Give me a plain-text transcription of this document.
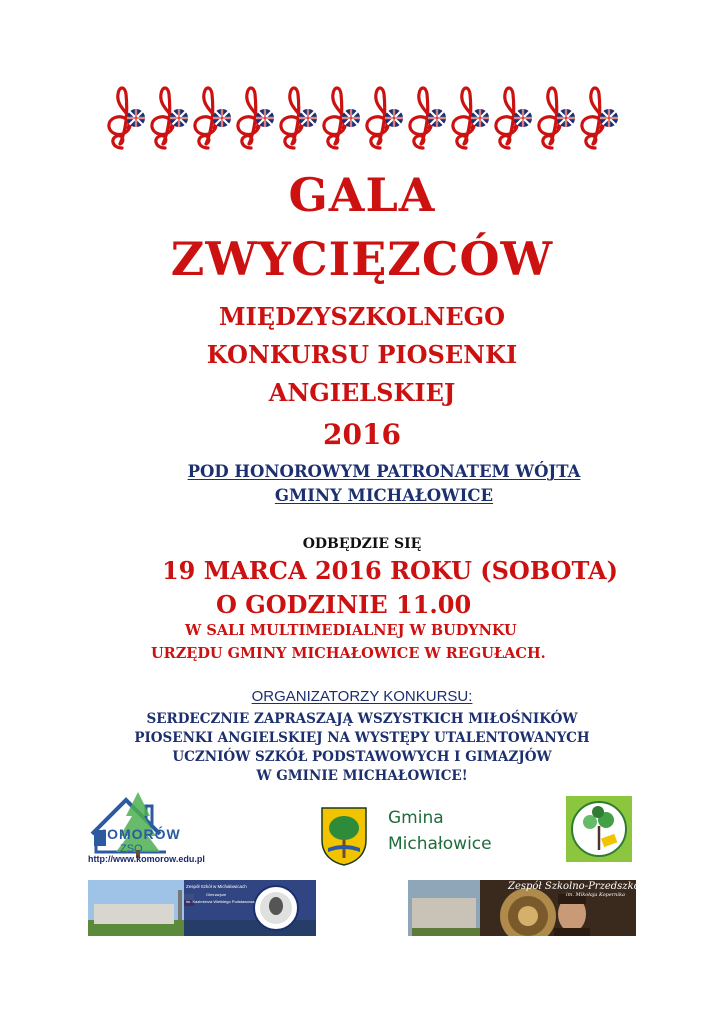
GALA
ZWYCIĘZCÓW
MIĘDZYSZKOLNEGO
KONKURSU PIOSENKI
ANGIELSKIEJ
2016
POD HONOROWYM PATRONATEM WÓJTA
GMINY MICHAŁOWICE
ODBĘDZIE SIĘ
19 MARCA 2016 ROKU (SOBOTA)
O GODZINIE 11.00
W SALI MULTIMEDIALNEJ W BUDYNKU
URZĘDU GMINY MICHAŁOWICE W REGUŁACH.
ORGANIZATORZY KONKURSU:
SERDECZNIE ZAPRASZAJĄ WSZYSTKICH MIŁOŚNIKÓW
PIOSENKI ANGIELSKIEJ NA WYSTĘPY UTALENTOWANYCH
UCZNIÓW SZKÓŁ PODSTAWOWYCH I GIMAZJÓW
W GMINIE MICHAŁOWICE!
KOMORÓW
ZSO
http://www.komorow.edu.pl
Gmina
Michałowice
Zespół Szkół w Michałowicach
Gimnazjum
im. Kazimierza Wielkiego Podstawowa
Zespół Szkolno-Przedszkolny
im. Mikołaja Kopernika
